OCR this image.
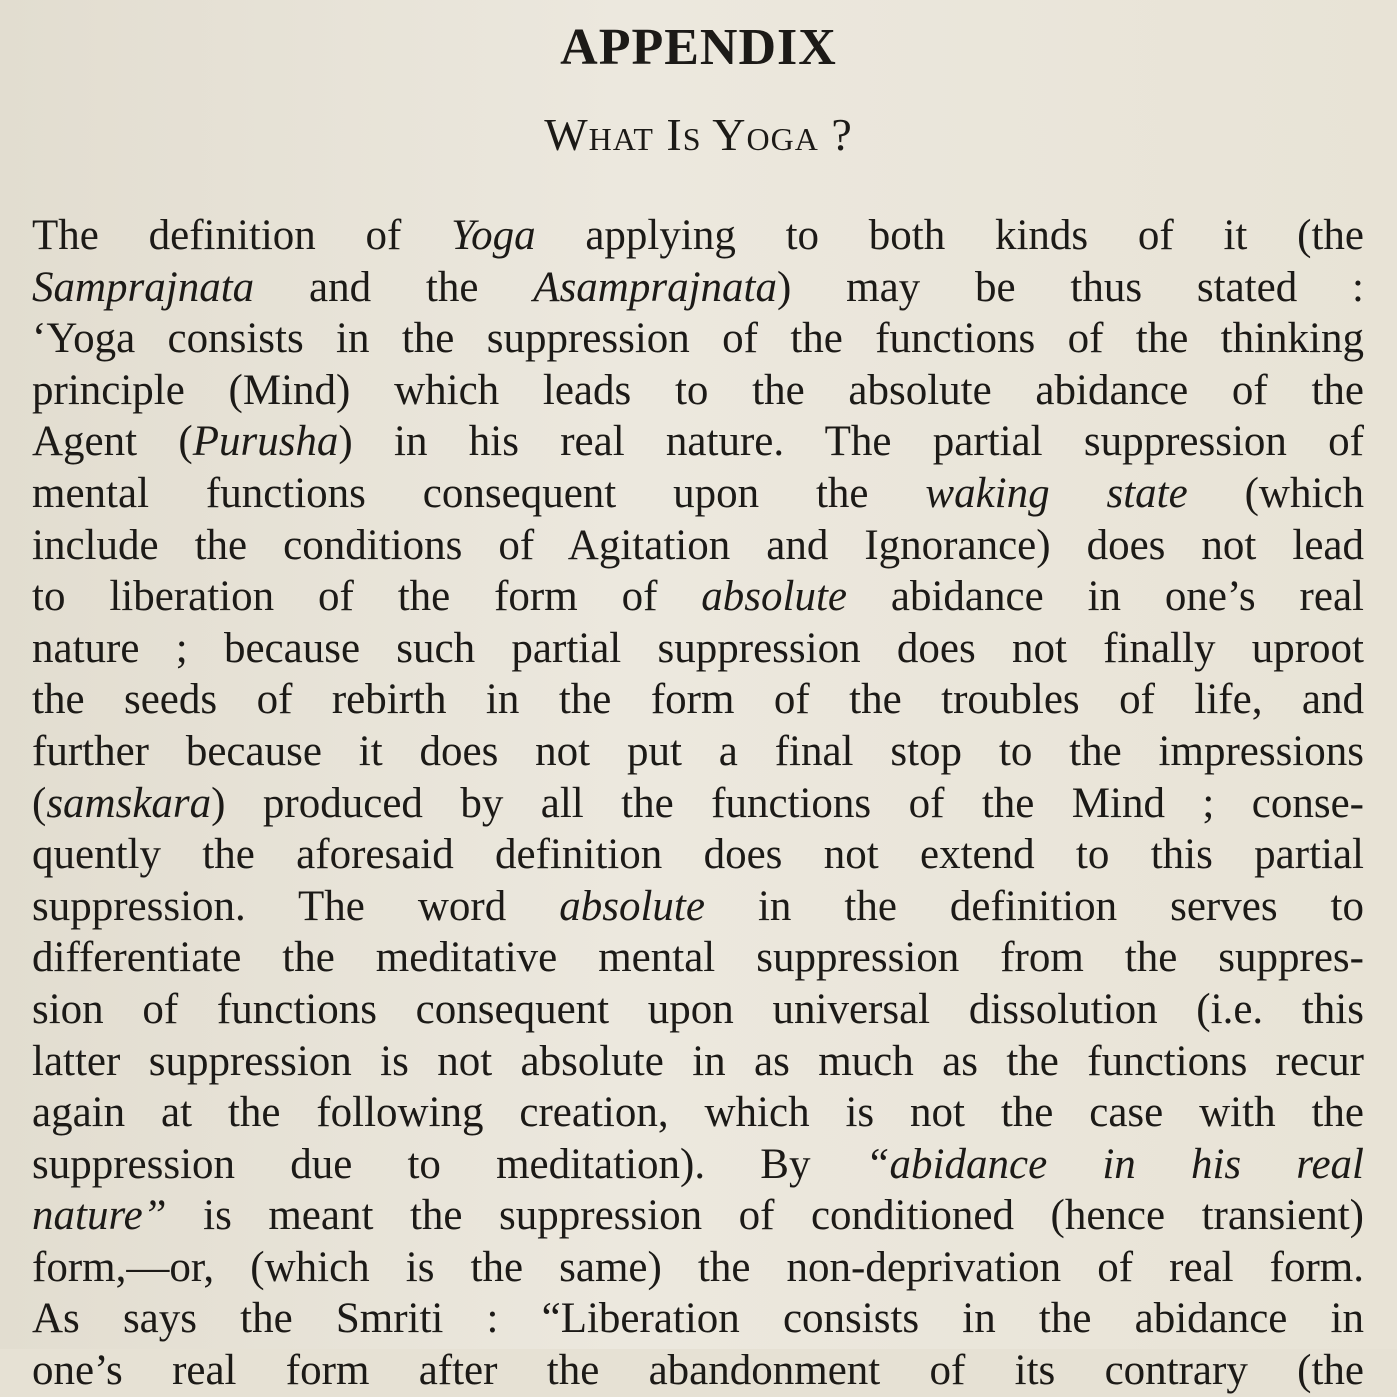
APPENDIX
What Is Yoga ?
The definition of Yoga applying to both kinds of it (the
Samprajnata and the Asamprajnata) may be thus stated :
‘Yoga consists in the suppression of the functions of the thinking
principle (Mind) which leads to the absolute abidance of the
Agent (Purusha) in his real nature. The partial suppression of
mental functions consequent upon the waking state (which
include the conditions of Agitation and Ignorance) does not lead
to liberation of the form of absolute abidance in one’s real
nature ; because such partial suppression does not finally uproot
the seeds of rebirth in the form of the troubles of life, and
further because it does not put a final stop to the impressions
(samskara) produced by all the functions of the Mind ; conse-
quently the aforesaid definition does not extend to this partial
suppression. The word absolute in the definition serves to
differentiate the meditative mental suppression from the suppres-
sion of functions consequent upon universal dissolution (i.e. this
latter suppression is not absolute in as much as the functions recur
again at the following creation, which is not the case with the
suppression due to meditation). By “abidance in his real
nature” is meant the suppression of conditioned (hence transient)
form,—or, (which is the same) the non-deprivation of real form.
As says the Smriti : “Liberation consists in the abidance in
one’s real form after the abandonment of its contrary (the
